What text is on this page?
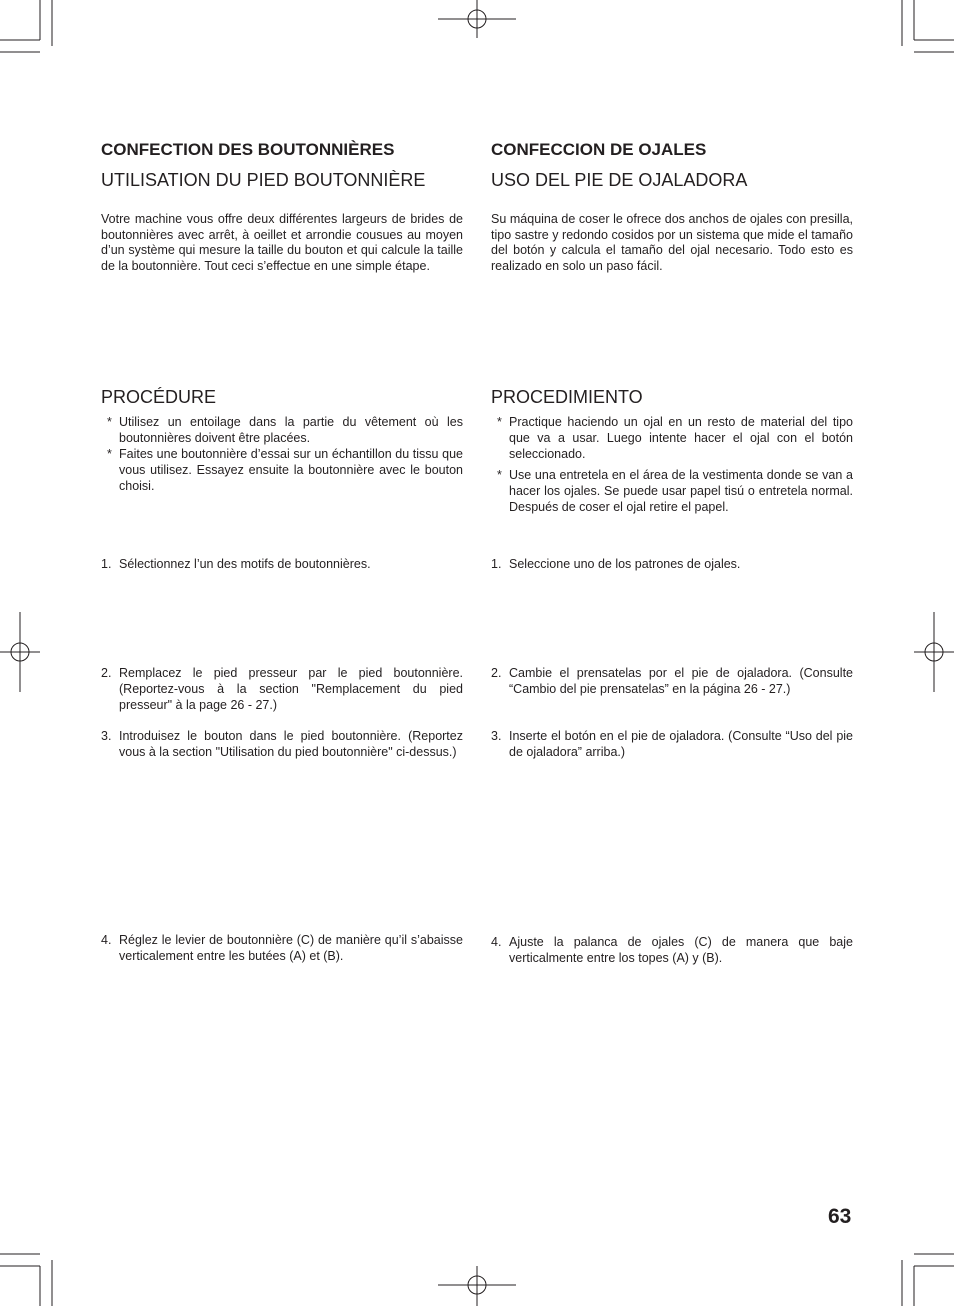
CONFECTION DES BOUTONNIÈRES
UTILISATION DU PIED BOUTONNIÈRE

Votre machine vous offre deux différentes largeurs de brides de boutonnières avec arrêt, à oeillet et arrondie cousues au moyen d’un système qui mesure la taille du bouton et qui calcule la taille de la boutonnière. Tout ceci s’effectue en une simple étape.

PROCÉDURE
* Utilisez un entoilage dans la partie du vêtement où les boutonnières doivent être placées.
* Faites une boutonnière d’essai sur un échantillon du tissu que vous utilisez. Essayez ensuite la boutonnière avec le bouton choisi.
1. Sélectionnez l’un des motifs de boutonnières.
2. Remplacez le pied presseur par le pied boutonnière. (Reportez-vous à la section "Remplacement du pied presseur" à la page 26 - 27.)
3. Introduisez le bouton dans le pied boutonnière. (Reportez vous à la section "Utilisation du pied boutonnière" ci-dessus.)
4. Réglez le levier de boutonnière (C) de manière qu’il s’abaisse verticalement entre les butées (A) et (B).
CONFECCION DE OJALES
USO DEL PIE DE OJALADORA

Su máquina de coser le ofrece dos anchos de ojales con presilla, tipo sastre y redondo cosidos por un sistema que mide el tamaño del botón y calcula el tamaño del ojal necesario. Todo esto es realizado en solo un paso fácil.

PROCEDIMIENTO
* Practique haciendo un ojal en un resto de material del tipo que va a usar. Luego intente hacer el ojal con el botón seleccionado.
* Use una entretela en el área de la vestimenta donde se van a hacer los ojales. Se puede usar papel tisú o entretela normal. Después de coser el ojal retire el papel.
1. Seleccione uno de los patrones de ojales.
2. Cambie el prensatelas por el pie de ojaladora. (Consulte “Cambio del pie prensatelas” en la página 26 - 27.)
3. Inserte el botón en el pie de ojaladora. (Consulte “Uso del pie de ojaladora” arriba.)
4. Ajuste la palanca de ojales (C) de manera que baje verticalmente entre los topes (A) y (B).
63
